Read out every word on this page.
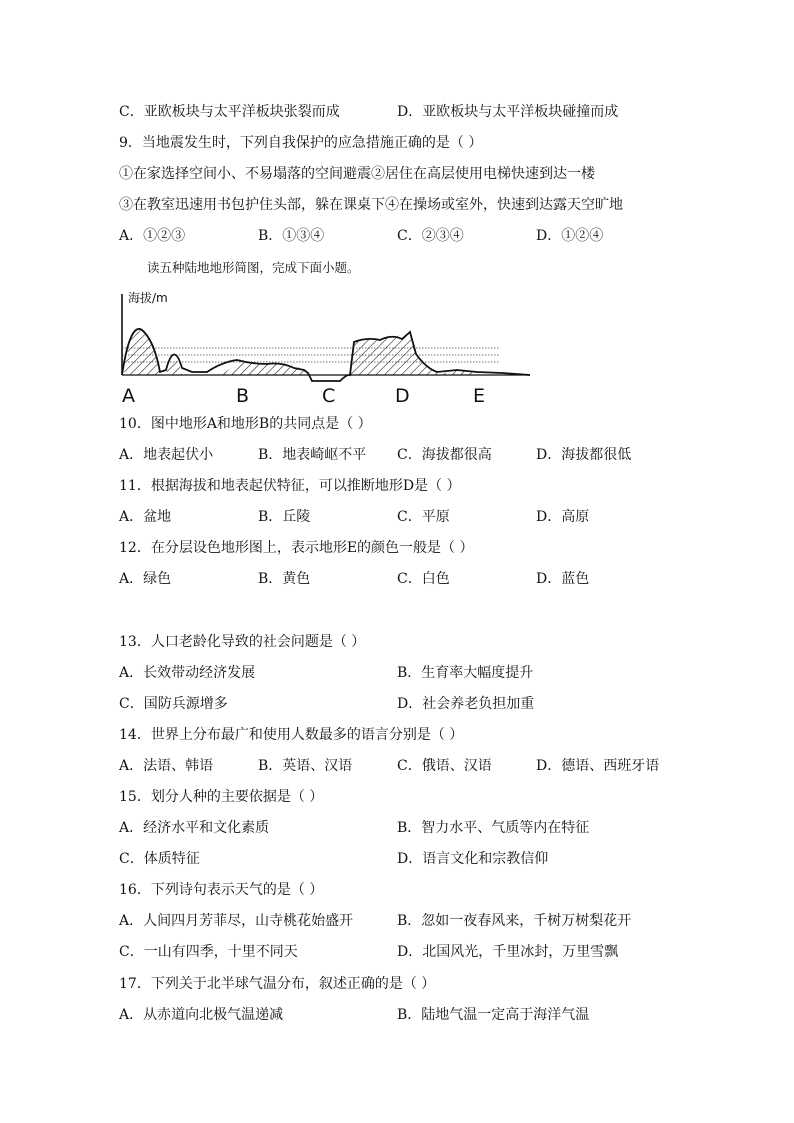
C．亚欧板块与太平洋板块张裂而成	D．亚欧板块与太平洋板块碰撞而成
9．当地震发生时，下列自我保护的应急措施正确的是（ ）
①在家选择空间小、不易塌落的空间避震②居住在高层使用电梯快速到达一楼
③在教室迅速用书包护住头部，躲在课桌下④在操场或室外，快速到达露天空旷地
A．①②③	B．①③④	C．②③④	D．①②④
读五种陆地地形简图，完成下面小题。
海拔/m
A	B	C	D	E
10．图中地形A和地形B的共同点是（ ）
A．地表起伏小	B．地表崎岖不平 C．海拔都很高	D．海拔都很低
11．根据海拔和地表起伏特征，可以推断地形D是（ ）
A．盆地	B．丘陵	C．平原	D．高原
12．在分层设色地形图上，表示地形E的颜色一般是（ ）
A．绿色	B．黄色	C．白色	D．蓝色
13．人口老龄化导致的社会问题是（ ）
A．长效带动经济发展	B．生育率大幅度提升
C．国防兵源增多	D．社会养老负担加重
14．世界上分布最广和使用人数最多的语言分别是（ ）
A．法语、韩语	B．英语、汉语	C．俄语、汉语	D．德语、西班牙语
15．划分人种的主要依据是（ ）
A．经济水平和文化素质	B．智力水平、气质等内在特征
C．体质特征	D．语言文化和宗教信仰
16．下列诗句表示天气的是（ ）
A．人间四月芳菲尽，山寺桃花始盛开	B．忽如一夜春风来，千树万树梨花开
C．一山有四季，十里不同天	D．北国风光，千里冰封，万里雪飘
17．下列关于北半球气温分布，叙述正确的是（ ）
A．从赤道向北极气温递减	B．陆地气温一定高于海洋气温
